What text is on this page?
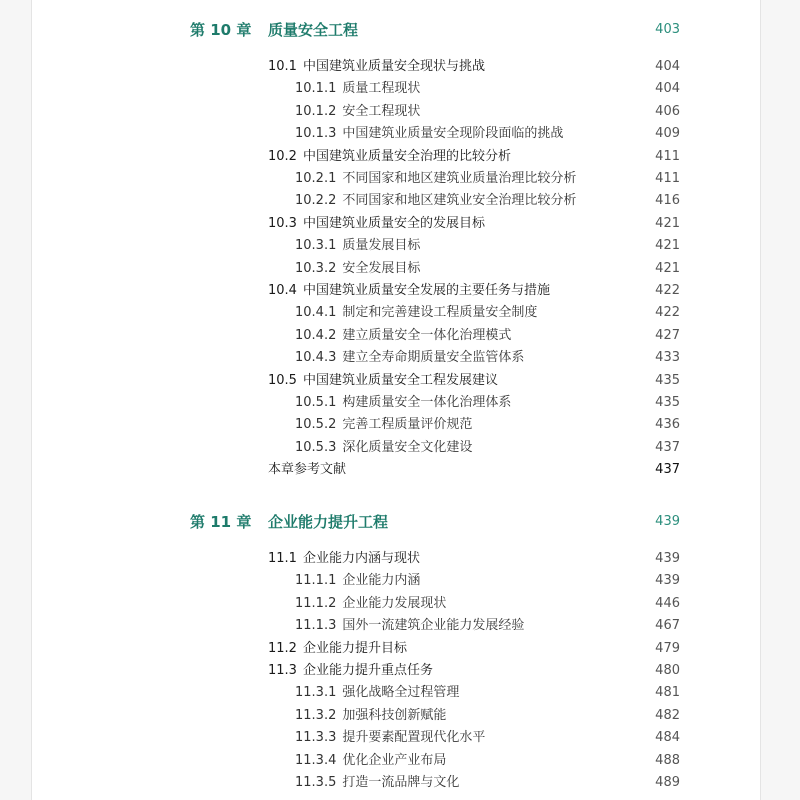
第 10 章 质量安全工程	403
10.1 中国建筑业质量安全现状与挑战	404
10.1.1 质量工程现状	404
10.1.2 安全工程现状	406
10.1.3 中国建筑业质量安全现阶段面临的挑战	409
10.2 中国建筑业质量安全治理的比较分析	411
10.2.1 不同国家和地区建筑业质量治理比较分析	411
10.2.2 不同国家和地区建筑业安全治理比较分析	416
10.3 中国建筑业质量安全的发展目标	421
10.3.1 质量发展目标	421
10.3.2 安全发展目标	421
10.4 中国建筑业质量安全发展的主要任务与措施	422
10.4.1 制定和完善建设工程质量安全制度	422
10.4.2 建立质量安全一体化治理模式	427
10.4.3 建立全寿命期质量安全监管体系	433
10.5 中国建筑业质量安全工程发展建议	435
10.5.1 构建质量安全一体化治理体系	435
10.5.2 完善工程质量评价规范	436
10.5.3 深化质量安全文化建设	437
本章参考文献	437
第 11 章 企业能力提升工程	439
11.1 企业能力内涵与现状	439
11.1.1 企业能力内涵	439
11.1.2 企业能力发展现状	446
11.1.3 国外一流建筑企业能力发展经验	467
11.2 企业能力提升目标	479
11.3 企业能力提升重点任务	480
11.3.1 强化战略全过程管理	481
11.3.2 加强科技创新赋能	482
11.3.3 提升要素配置现代化水平	484
11.3.4 优化企业产业布局	488
11.3.5 打造一流品牌与文化	489
